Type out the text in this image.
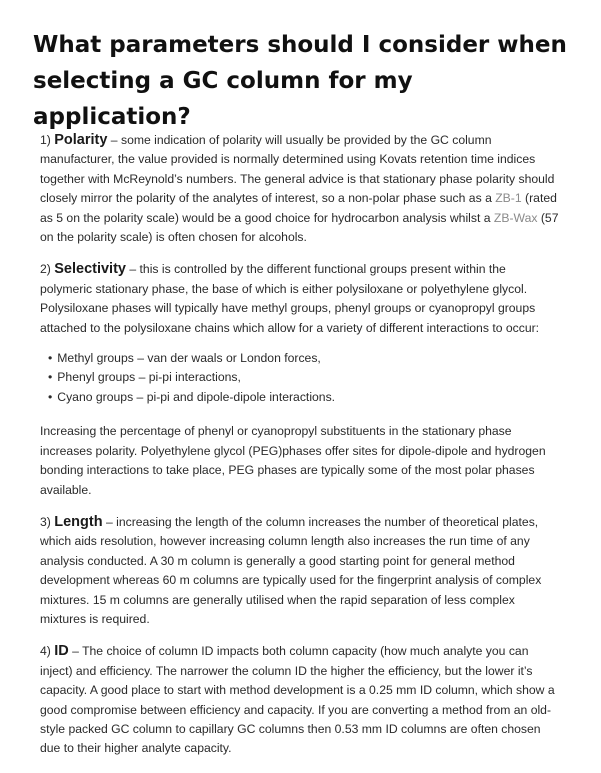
What parameters should I consider when selecting a GC column for my application?

1) Polarity – some indication of polarity will usually be provided by the GC column manufacturer, the value provided is normally determined using Kovats retention time indices together with McReynold’s numbers. The general advice is that stationary phase polarity should closely mirror the polarity of the analytes of interest, so a non-polar phase such as a ZB-1 (rated as 5 on the polarity scale) would be a good choice for hydrocarbon analysis whilst a ZB-Wax (57 on the polarity scale) is often chosen for alcohols.

2) Selectivity – this is controlled by the different functional groups present within the polymeric stationary phase, the base of which is either polysiloxane or polyethylene glycol. Polysiloxane phases will typically have methyl groups, phenyl groups or cyanopropyl groups attached to the polysiloxane chains which allow for a variety of different interactions to occur:

• Methyl groups – van der waals or London forces,
• Phenyl groups – pi-pi interactions,
• Cyano groups – pi-pi and dipole-dipole interactions.

Increasing the percentage of phenyl or cyanopropyl substituents in the stationary phase increases polarity. Polyethylene glycol (PEG)phases offer sites for dipole-dipole and hydrogen bonding interactions to take place, PEG phases are typically some of the most polar phases available.

3) Length – increasing the length of the column increases the number of theoretical plates, which aids resolution, however increasing column length also increases the run time of any analysis conducted. A 30 m column is generally a good starting point for general method development whereas 60 m columns are typically used for the fingerprint analysis of complex mixtures. 15 m columns are generally utilised when the rapid separation of less complex mixtures is required.

4) ID – The choice of column ID impacts both column capacity (how much analyte you can inject) and efficiency. The narrower the column ID the higher the efficiency, but the lower it’s capacity. A good place to start with method development is a 0.25 mm ID column, which show a good compromise between efficiency and capacity. If you are converting a method from an old-style packed GC column to capillary GC columns then 0.53 mm ID columns are often chosen due to their higher analyte capacity.
